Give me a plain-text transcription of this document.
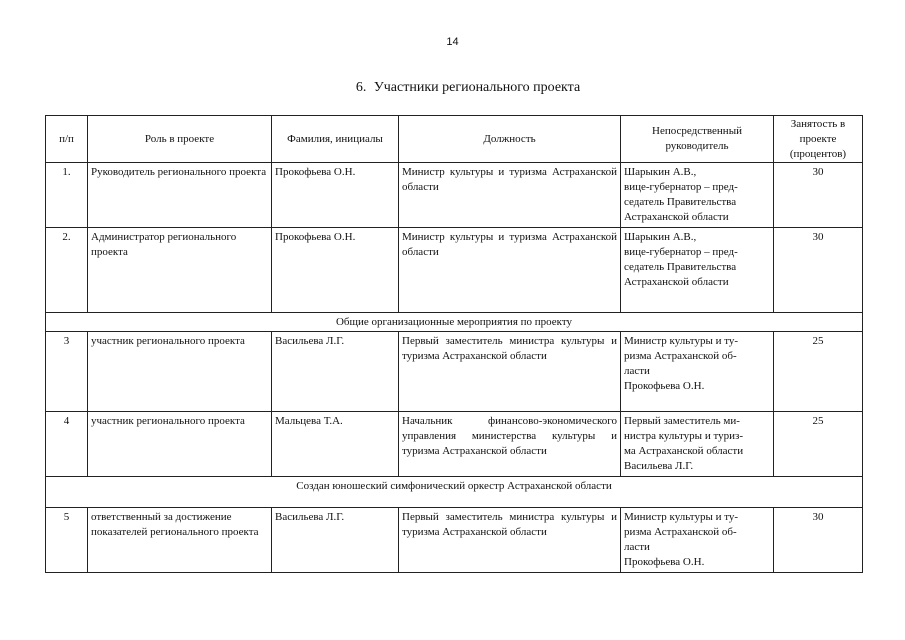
14
6. Участники регионального проекта
п/п	Роль в проекте	Фамилия, инициалы	Должность	Непосредственный руководитель	Занятость в проекте (процентов)
1.	Руководитель регионального проекта	Прокофьева О.Н.	Министр культуры и туризма Астраханской области	Шарыкин А.В.,
вице-губернатор – пред-
седатель Правительства
Астраханской области	30
2.	Администратор регионального проекта	Прокофьева О.Н.	Министр культуры и туризма Астраханской области	Шарыкин А.В.,
вице-губернатор – пред-
седатель Правительства
Астраханской области	30
Общие организационные мероприятия по проекту					
3	участник регионального проекта	Васильева Л.Г.	Первый заместитель министра культуры и туризма Астраханской области	Министр культуры и ту-
ризма Астраханской об-
ласти
Прокофьева О.Н.	25
4	участник регионального проекта	Мальцева Т.А.	Начальник финансово-экономического управления министерства культуры и туризма Астраханской области	Первый заместитель ми-
нистра культуры и туриз-
ма Астраханской области
Васильева Л.Г.	25
Создан юношеский симфонический оркестр Астраханской области					
5	ответственный за достижение показателей регионального проекта	Васильева Л.Г.	Первый заместитель министра культуры и туризма Астраханской области	Министр культуры и ту-
ризма Астраханской об-
ласти
Прокофьева О.Н.	30
